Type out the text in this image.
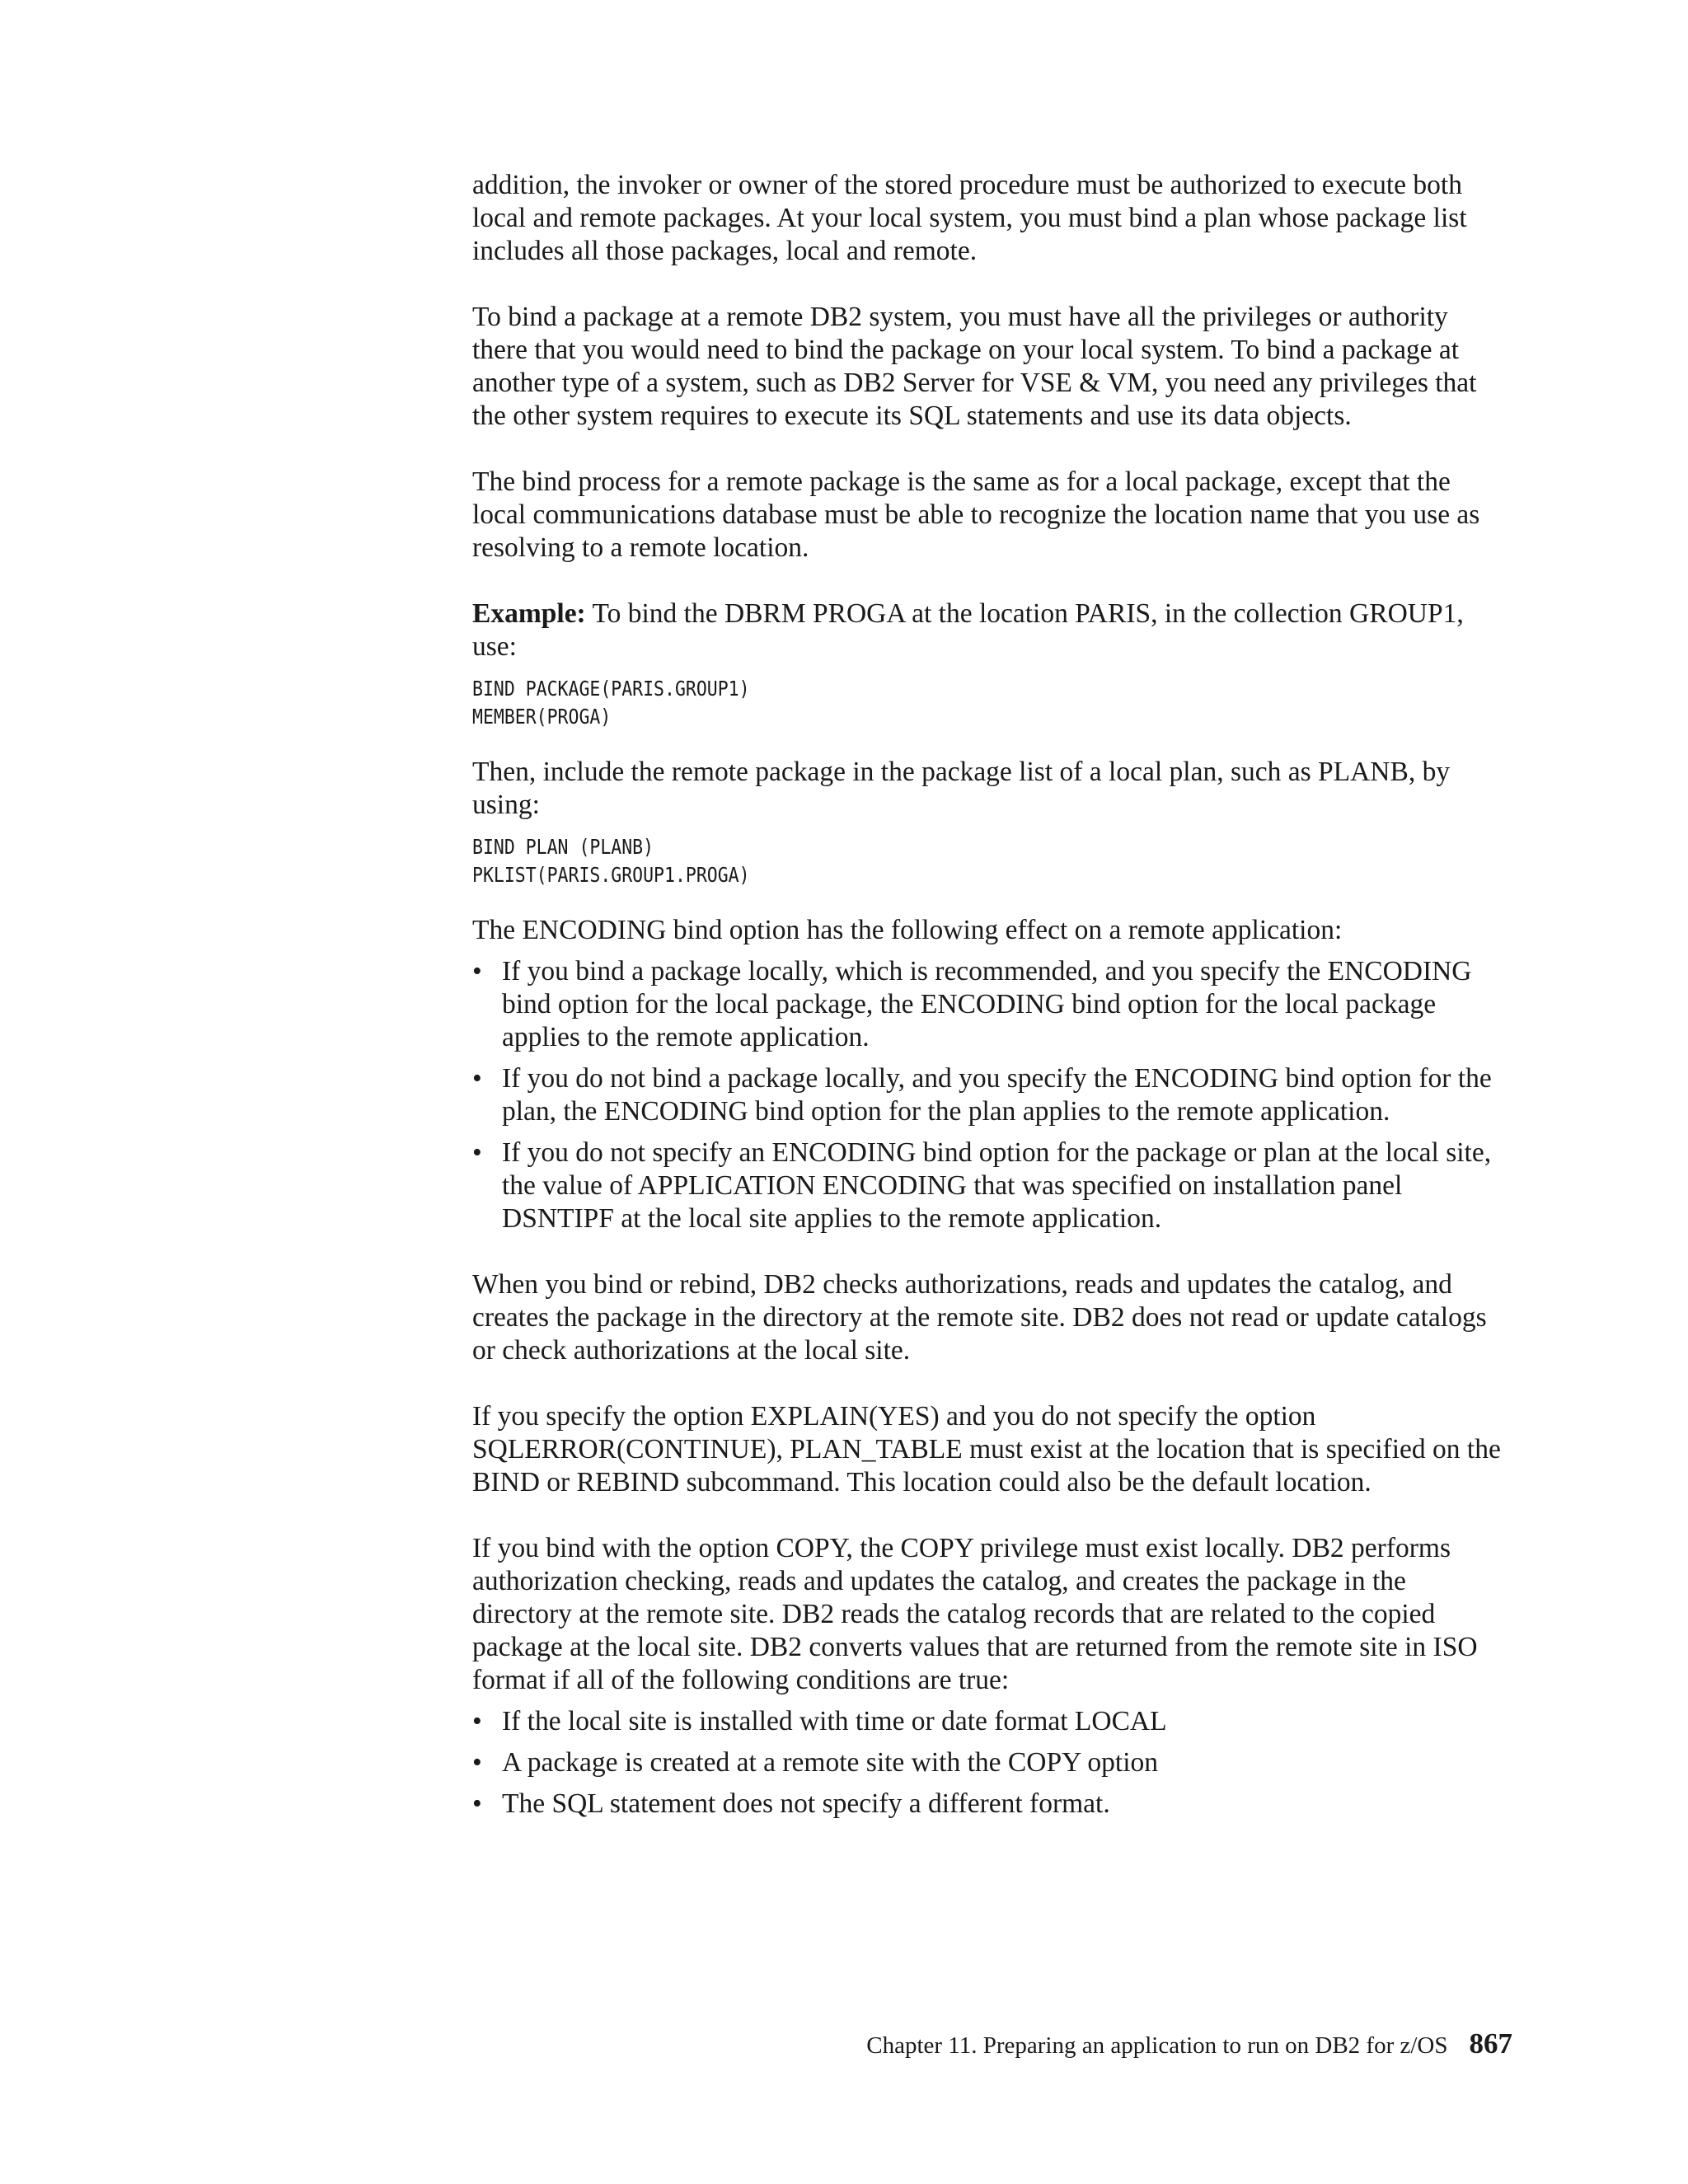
addition, the invoker or owner of the stored procedure must be authorized to execute both local and remote packages. At your local system, you must bind a plan whose package list includes all those packages, local and remote.

To bind a package at a remote DB2 system, you must have all the privileges or authority there that you would need to bind the package on your local system. To bind a package at another type of a system, such as DB2 Server for VSE & VM, you need any privileges that the other system requires to execute its SQL statements and use its data objects.

The bind process for a remote package is the same as for a local package, except that the local communications database must be able to recognize the location name that you use as resolving to a remote location.

Example: To bind the DBRM PROGA at the location PARIS, in the collection GROUP1, use:

BIND PACKAGE(PARIS.GROUP1)
MEMBER(PROGA)

Then, include the remote package in the package list of a local plan, such as PLANB, by using:

BIND PLAN (PLANB)
PKLIST(PARIS.GROUP1.PROGA)

The ENCODING bind option has the following effect on a remote application:

• If you bind a package locally, which is recommended, and you specify the ENCODING bind option for the local package, the ENCODING bind option for the local package applies to the remote application.
• If you do not bind a package locally, and you specify the ENCODING bind option for the plan, the ENCODING bind option for the plan applies to the remote application.
• If you do not specify an ENCODING bind option for the package or plan at the local site, the value of APPLICATION ENCODING that was specified on installation panel DSNTIPF at the local site applies to the remote application.

When you bind or rebind, DB2 checks authorizations, reads and updates the catalog, and creates the package in the directory at the remote site. DB2 does not read or update catalogs or check authorizations at the local site.

If you specify the option EXPLAIN(YES) and you do not specify the option SQLERROR(CONTINUE), PLAN_TABLE must exist at the location that is specified on the BIND or REBIND subcommand. This location could also be the default location.

If you bind with the option COPY, the COPY privilege must exist locally. DB2 performs authorization checking, reads and updates the catalog, and creates the package in the directory at the remote site. DB2 reads the catalog records that are related to the copied package at the local site. DB2 converts values that are returned from the remote site in ISO format if all of the following conditions are true:

• If the local site is installed with time or date format LOCAL
• A package is created at a remote site with the COPY option
• The SQL statement does not specify a different format.
Chapter 11. Preparing an application to run on DB2 for z/OS 867
